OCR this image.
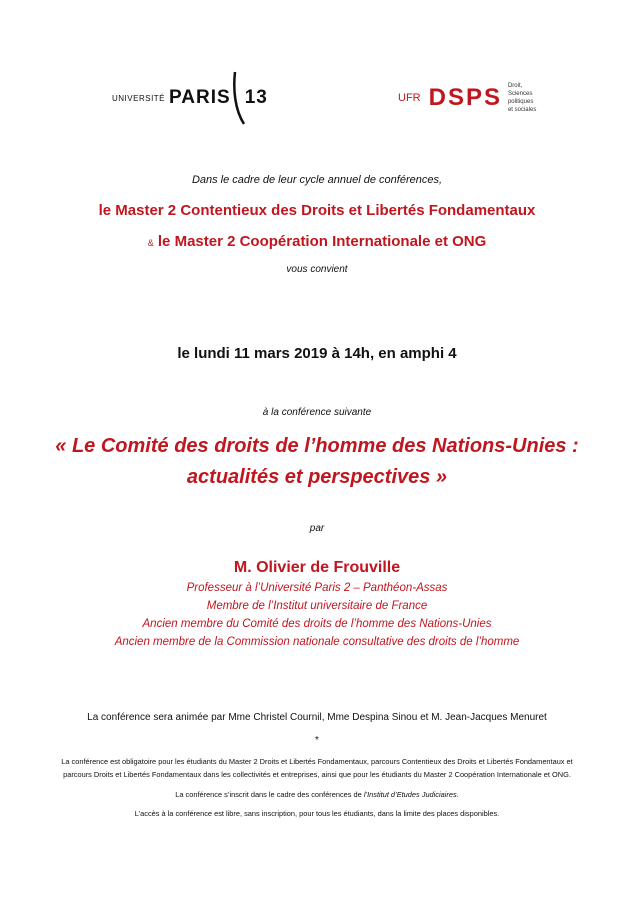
UNIVERSITÉ PARIS 13	UFR DSPS Droit,
Sciences
politiques
et sociales
Dans le cadre de leur cycle annuel de conférences,
le Master 2 Contentieux des Droits et Libertés Fondamentaux
& le Master 2 Coopération Internationale et ONG
vous convient
le lundi 11 mars 2019 à 14h, en amphi 4
à la conférence suivante
« Le Comité des droits de l’homme des Nations-Unies :
actualités et perspectives »
par
M. Olivier de Frouville
Professeur à l’Université Paris 2 – Panthéon-Assas
Membre de l’Institut universitaire de France
Ancien membre du Comité des droits de l’homme des Nations-Unies
Ancien membre de la Commission nationale consultative des droits de l’homme
La conférence sera animée par Mme Christel Cournil, Mme Despina Sinou et M. Jean-Jacques Menuret
*
La conférence est obligatoire pour les étudiants du Master 2 Droits et Libertés Fondamentaux, parcours Contentieux des Droits et Libertés Fondamentaux et
parcours Droits et Libertés Fondamentaux dans les collectivités et entreprises, ainsi que pour les étudiants du Master 2 Coopération Internationale et ONG.
La conférence s’inscrit dans le cadre des conférences de l’Institut d’Etudes Judiciaires.
L’accès à la conférence est libre, sans inscription, pour tous les étudiants, dans la limite des places disponibles.
